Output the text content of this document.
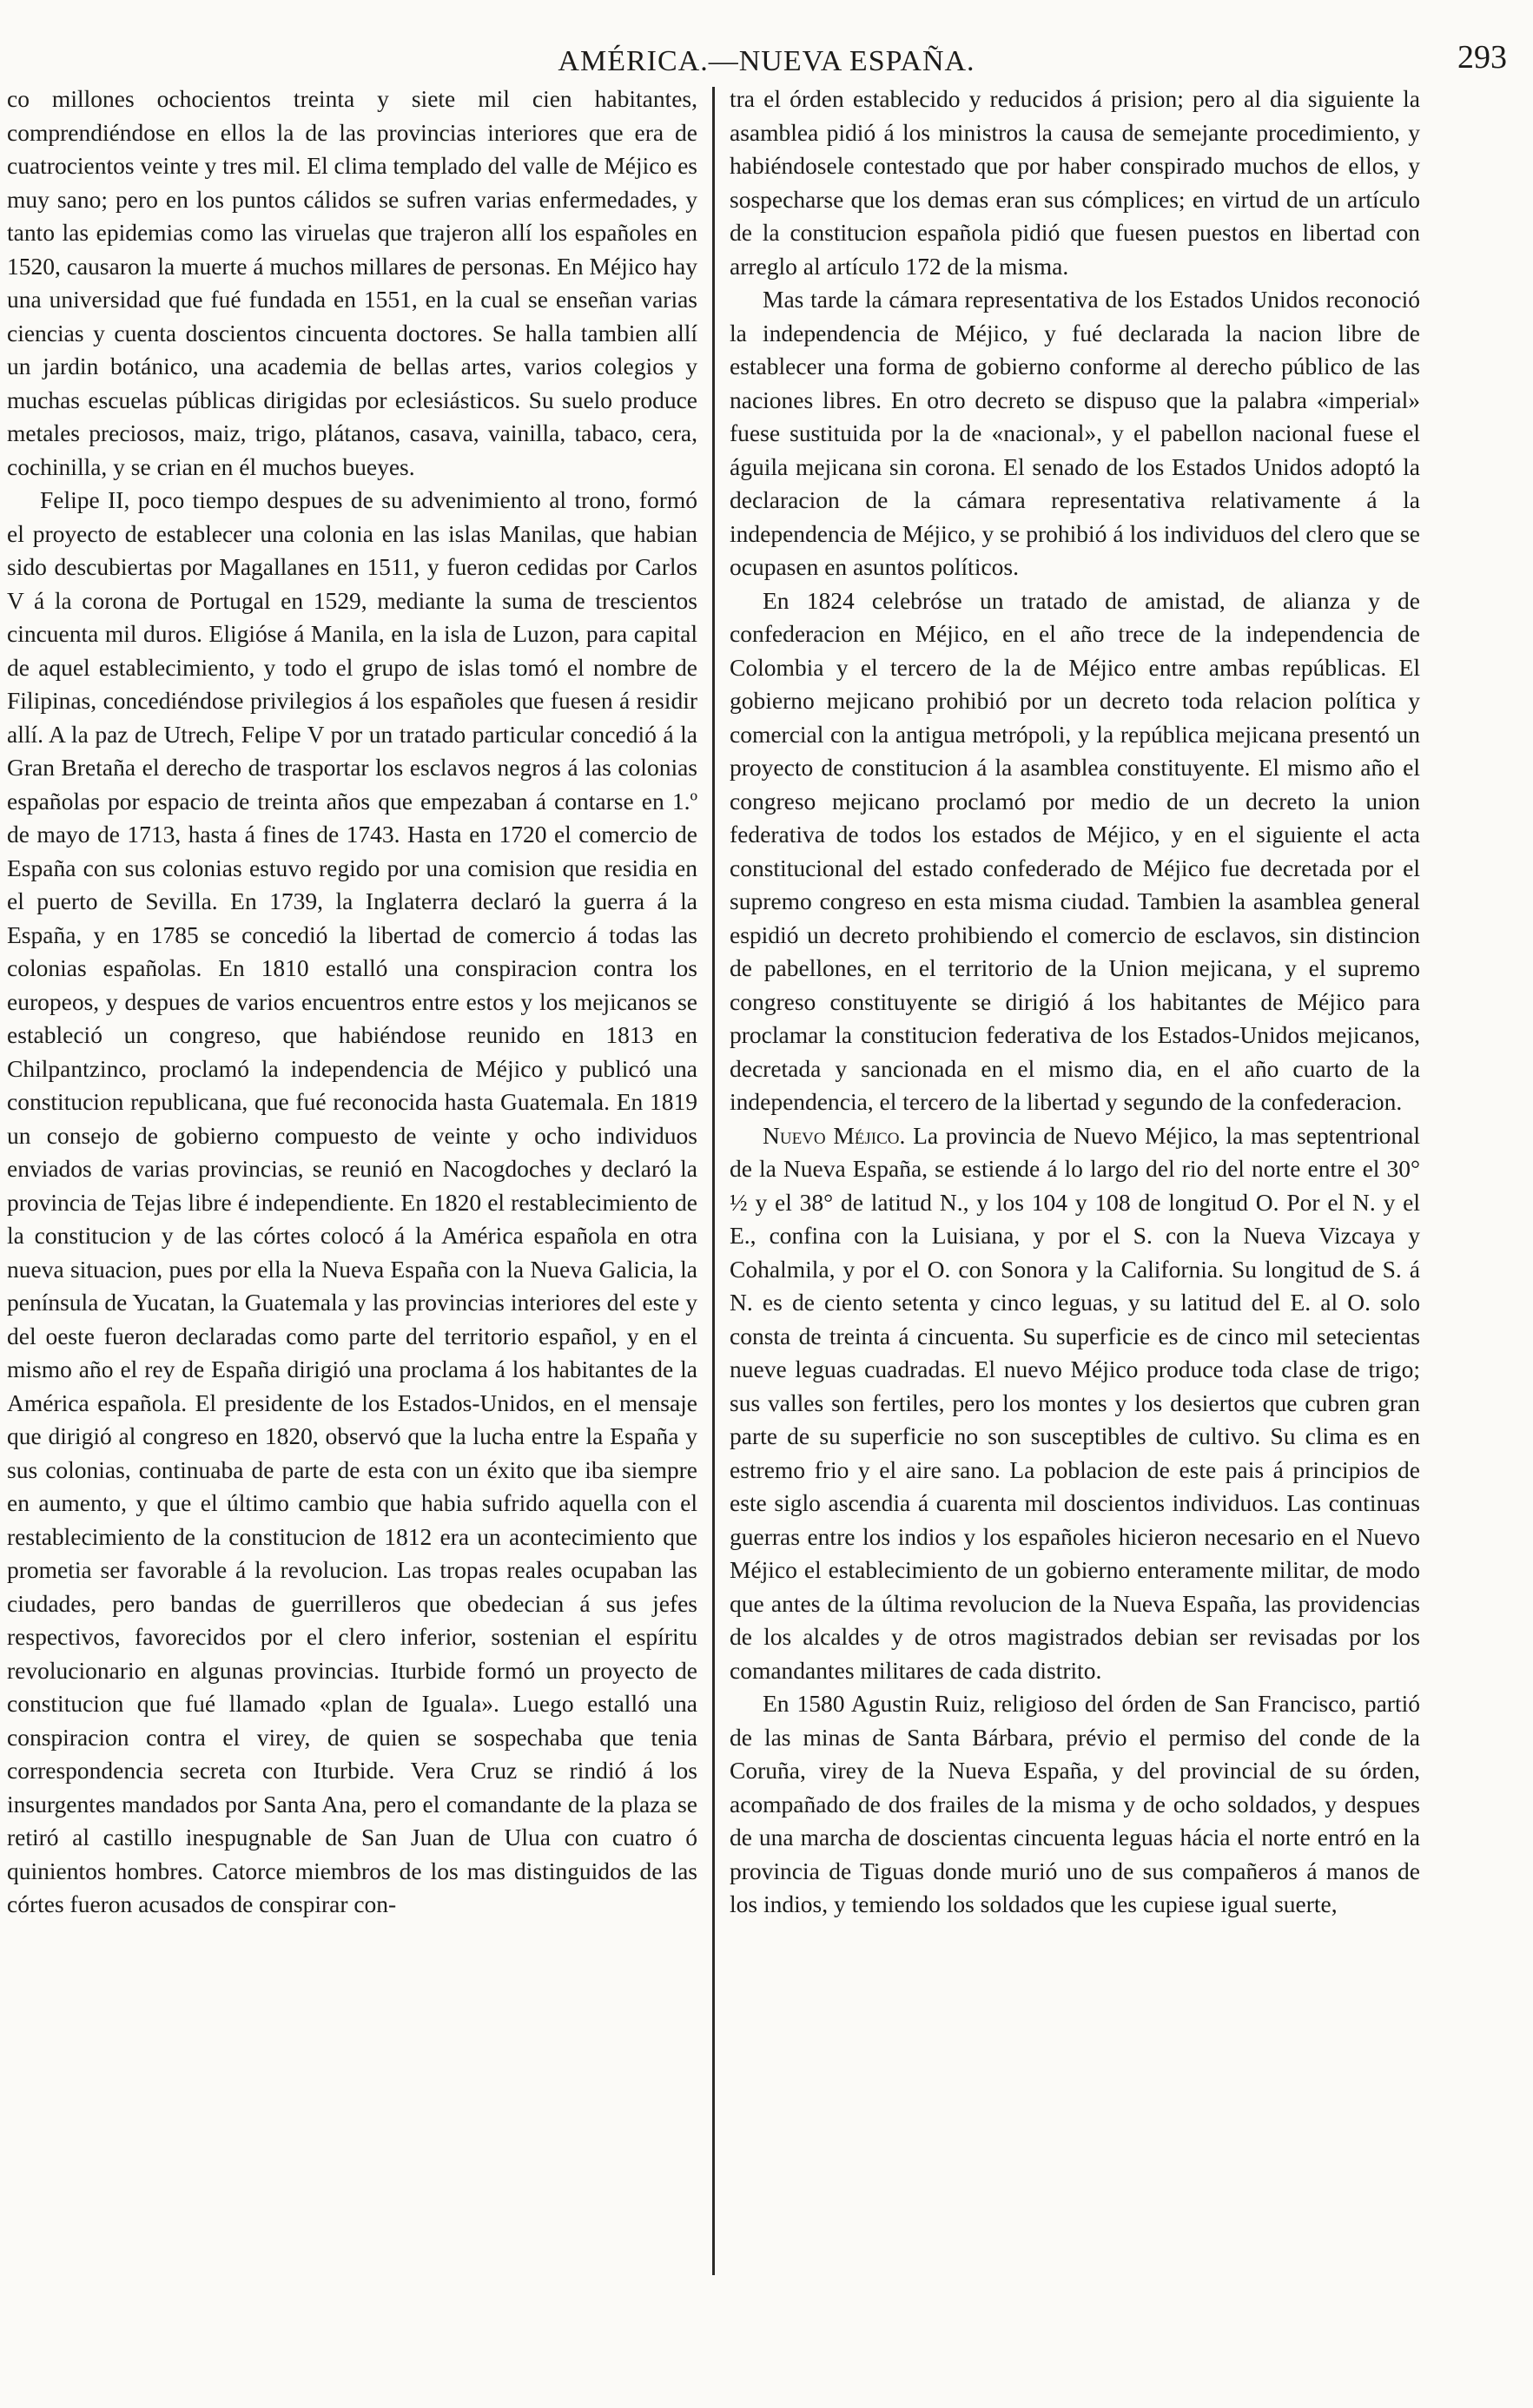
AMÉRICA.—NUEVA ESPAÑA.	293

co millones ochocientos treinta y siete mil cien habitantes, comprendiéndose en ellos la de las provincias interiores que era de cuatrocientos veinte y tres mil. El clima templado del valle de Méjico es muy sano; pero en los puntos cálidos se sufren varias enfermedades, y tanto las epidemias como las viruelas que trajeron allí los españoles en 1520, causaron la muerte á muchos millares de personas. En Méjico hay una universidad que fué fundada en 1551, en la cual se enseñan varias ciencias y cuenta doscientos cincuenta doctores. Se halla tambien allí un jardin botánico, una academia de bellas artes, varios colegios y muchas escuelas públicas dirigidas por eclesiásticos. Su suelo produce metales preciosos, maiz, trigo, plátanos, casava, vainilla, tabaco, cera, cochinilla, y se crian en él muchos bueyes.

Felipe II, poco tiempo despues de su advenimiento al trono, formó el proyecto de establecer una colonia en las islas Manilas, que habian sido descubiertas por Magallanes en 1511, y fueron cedidas por Carlos V á la corona de Portugal en 1529, mediante la suma de trescientos cincuenta mil duros. Eligióse á Manila, en la isla de Luzon, para capital de aquel establecimiento, y todo el grupo de islas tomó el nombre de Filipinas, concediéndose privilegios á los españoles que fuesen á residir allí. A la paz de Utrech, Felipe V por un tratado particular concedió á la Gran Bretaña el derecho de trasportar los esclavos negros á las colonias españolas por espacio de treinta años que empezaban á contarse en 1.º de mayo de 1713, hasta á fines de 1743. Hasta en 1720 el comercio de España con sus colonias estuvo regido por una comision que residia en el puerto de Sevilla. En 1739, la Inglaterra declaró la guerra á la España, y en 1785 se concedió la libertad de comercio á todas las colonias españolas. En 1810 estalló una conspiracion contra los europeos, y despues de varios encuentros entre estos y los mejicanos se estableció un congreso, que habiéndose reunido en 1813 en Chilpantzinco, proclamó la independencia de Méjico y publicó una constitucion republicana, que fué reconocida hasta Guatemala. En 1819 un consejo de gobierno compuesto de veinte y ocho individuos enviados de varias provincias, se reunió en Nacogdoches y declaró la provincia de Tejas libre é independiente. En 1820 el restablecimiento de la constitucion y de las córtes colocó á la América española en otra nueva situacion, pues por ella la Nueva España con la Nueva Galicia, la península de Yucatan, la Guatemala y las provincias interiores del este y del oeste fueron declaradas como parte del territorio español, y en el mismo año el rey de España dirigió una proclama á los habitantes de la América española. El presidente de los Estados-Unidos, en el mensaje que dirigió al congreso en 1820, observó que la lucha entre la España y sus colonias, continuaba de parte de esta con un éxito que iba siempre en aumento, y que el último cambio que habia sufrido aquella con el restablecimiento de la constitucion de 1812 era un acontecimiento que prometia ser favorable á la revolucion. Las tropas reales ocupaban las ciudades, pero bandas de guerrilleros que obedecian á sus jefes respectivos, favorecidos por el clero inferior, sostenian el espíritu revolucionario en algunas provincias. Iturbide formó un proyecto de constitucion que fué llamado «plan de Iguala». Luego estalló una conspiracion contra el virey, de quien se sospechaba que tenia correspondencia secreta con Iturbide. Vera Cruz se rindió á los insurgentes mandados por Santa Ana, pero el comandante de la plaza se retiró al castillo inespugnable de San Juan de Ulua con cuatro ó quinientos hombres. Catorce miembros de los mas distinguidos de las córtes fueron acusados de conspirar con-

tra el órden establecido y reducidos á prision; pero al dia siguiente la asamblea pidió á los ministros la causa de semejante procedimiento, y habiéndosele contestado que por haber conspirado muchos de ellos, y sospecharse que los demas eran sus cómplices; en virtud de un artículo de la constitucion española pidió que fuesen puestos en libertad con arreglo al artículo 172 de la misma.

Mas tarde la cámara representativa de los Estados Unidos reconoció la independencia de Méjico, y fué declarada la nacion libre de establecer una forma de gobierno conforme al derecho público de las naciones libres. En otro decreto se dispuso que la palabra «imperial» fuese sustituida por la de «nacional», y el pabellon nacional fuese el águila mejicana sin corona. El senado de los Estados Unidos adoptó la declaracion de la cámara representativa relativamente á la independencia de Méjico, y se prohibió á los individuos del clero que se ocupasen en asuntos políticos.

En 1824 celebróse un tratado de amistad, de alianza y de confederacion en Méjico, en el año trece de la independencia de Colombia y el tercero de la de Méjico entre ambas repúblicas. El gobierno mejicano prohibió por un decreto toda relacion política y comercial con la antigua metrópoli, y la república mejicana presentó un proyecto de constitucion á la asamblea constituyente. El mismo año el congreso mejicano proclamó por medio de un decreto la union federativa de todos los estados de Méjico, y en el siguiente el acta constitucional del estado confederado de Méjico fue decretada por el supremo congreso en esta misma ciudad. Tambien la asamblea general espidió un decreto prohibiendo el comercio de esclavos, sin distincion de pabellones, en el territorio de la Union mejicana, y el supremo congreso constituyente se dirigió á los habitantes de Méjico para proclamar la constitucion federativa de los Estados-Unidos mejicanos, decretada y sancionada en el mismo dia, en el año cuarto de la independencia, el tercero de la libertad y segundo de la confederacion.

Nuevo Méjico. La provincia de Nuevo Méjico, la mas septentrional de la Nueva España, se estiende á lo largo del rio del norte entre el 30° ½ y el 38° de latitud N., y los 104 y 108 de longitud O. Por el N. y el E., confina con la Luisiana, y por el S. con la Nueva Vizcaya y Cohalmila, y por el O. con Sonora y la California. Su longitud de S. á N. es de ciento setenta y cinco leguas, y su latitud del E. al O. solo consta de treinta á cincuenta. Su superficie es de cinco mil setecientas nueve leguas cuadradas. El nuevo Méjico produce toda clase de trigo; sus valles son fertiles, pero los montes y los desiertos que cubren gran parte de su superficie no son susceptibles de cultivo. Su clima es en estremo frio y el aire sano. La poblacion de este pais á principios de este siglo ascendia á cuarenta mil doscientos individuos. Las continuas guerras entre los indios y los españoles hicieron necesario en el Nuevo Méjico el establecimiento de un gobierno enteramente militar, de modo que antes de la última revolucion de la Nueva España, las providencias de los alcaldes y de otros magistrados debian ser revisadas por los comandantes militares de cada distrito.

En 1580 Agustin Ruiz, religioso del órden de San Francisco, partió de las minas de Santa Bárbara, prévio el permiso del conde de la Coruña, virey de la Nueva España, y del provincial de su órden, acompañado de dos frailes de la misma y de ocho soldados, y despues de una marcha de doscientas cincuenta leguas hácia el norte entró en la provincia de Tiguas donde murió uno de sus compañeros á manos de los indios, y temiendo los soldados que les cupiese igual suerte,
